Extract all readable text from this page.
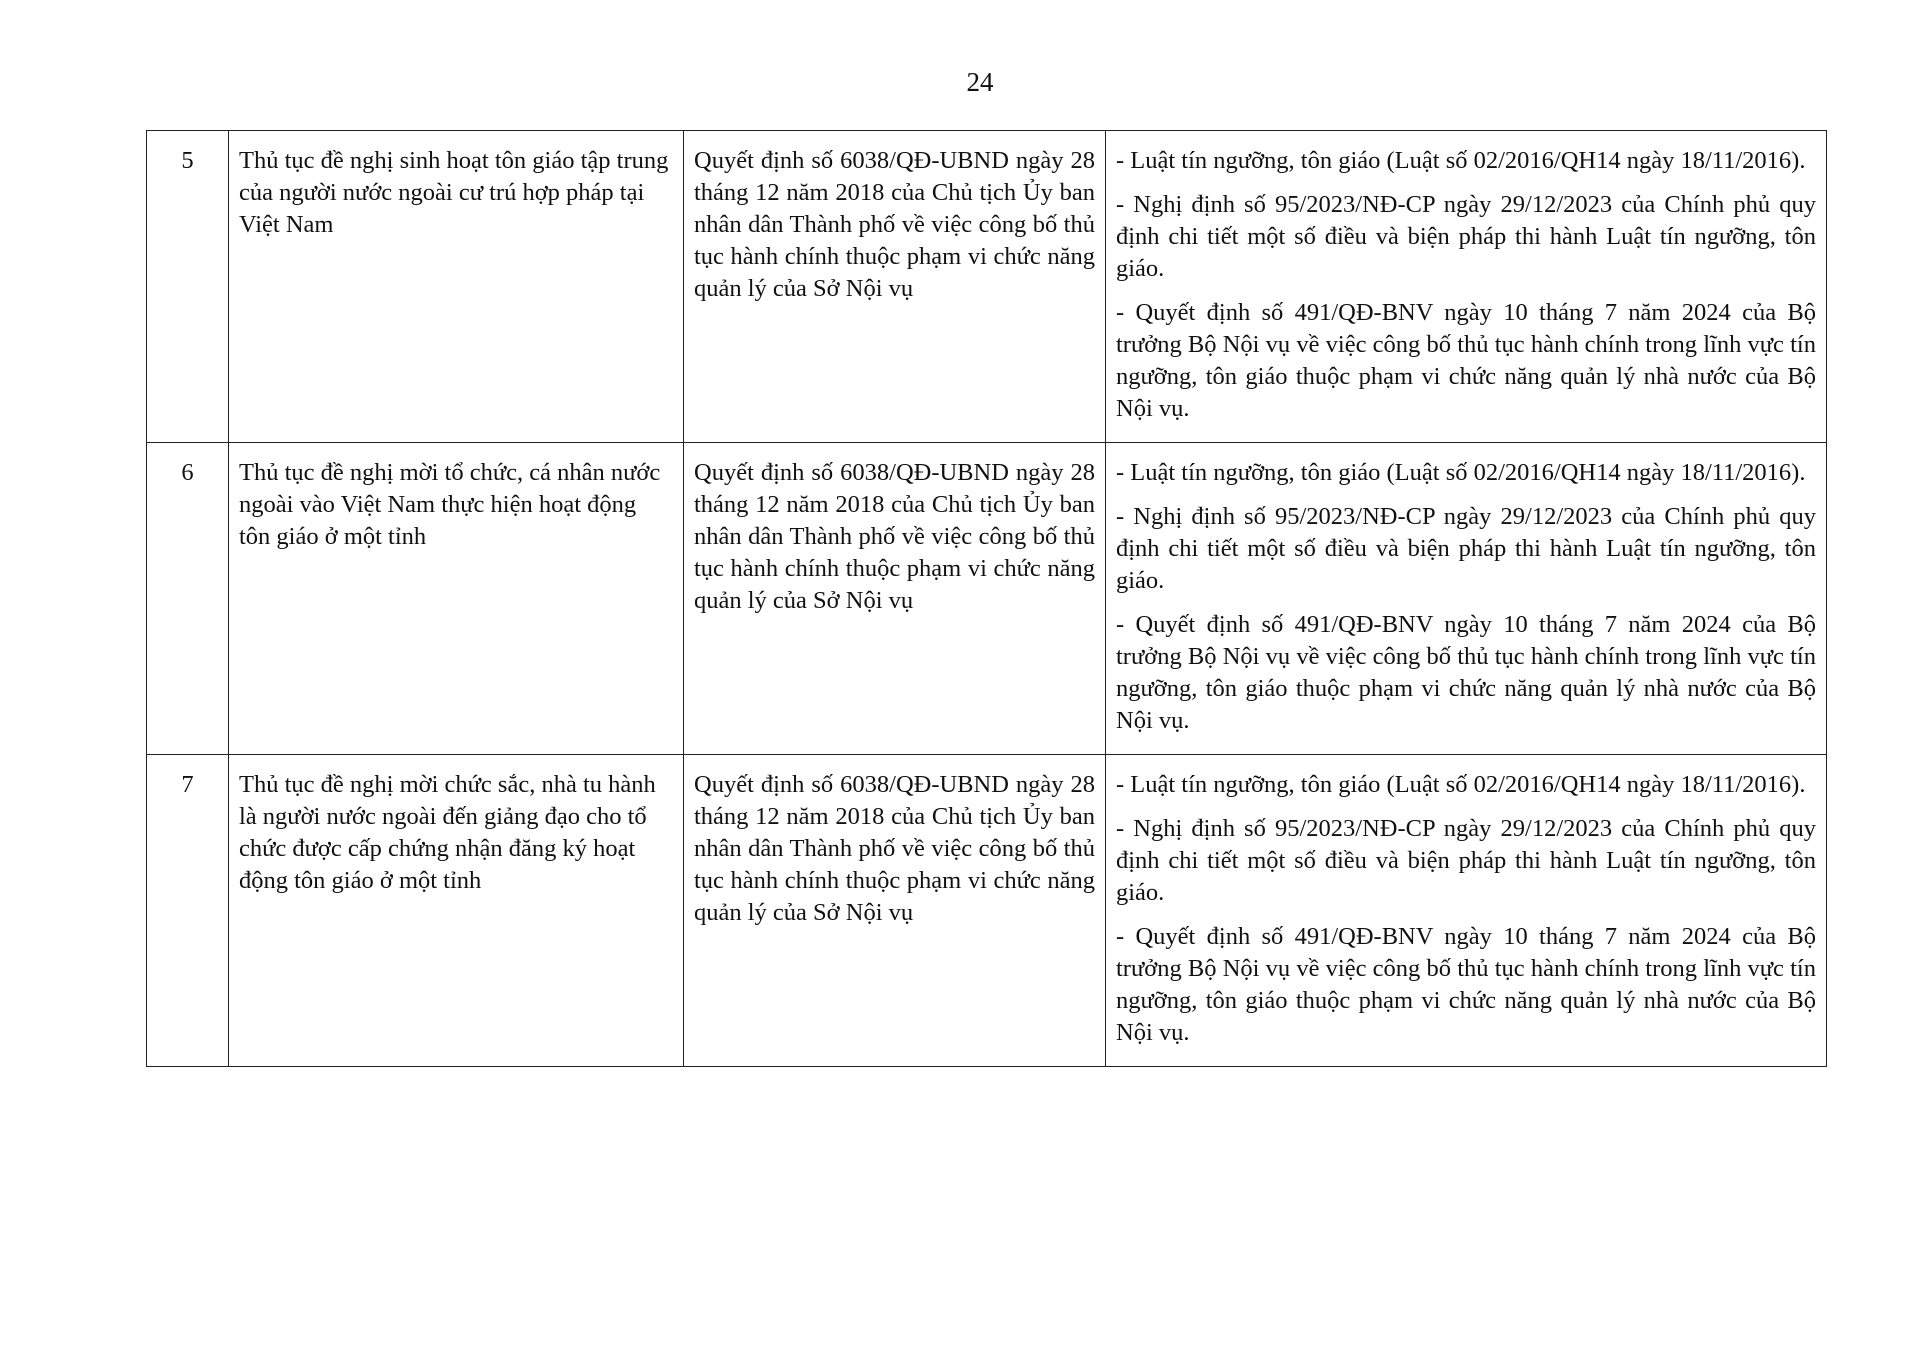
24
5	Thủ tục đề nghị sinh hoạt tôn giáo tập trung của người nước ngoài cư trú hợp pháp tại Việt Nam	Quyết định số 6038/QĐ-UBND ngày 28 tháng 12 năm 2018 của Chủ tịch Ủy ban nhân dân Thành phố về việc công bố thủ tục hành chính thuộc phạm vi chức năng quản lý của Sở Nội vụ	- Luật tín ngưỡng, tôn giáo (Luật số 02/2016/QH14 ngày 18/11/2016).
- Nghị định số 95/2023/NĐ-CP ngày 29/12/2023 của Chính phủ quy định chi tiết một số điều và biện pháp thi hành Luật tín ngưỡng, tôn giáo.
- Quyết định số 491/QĐ-BNV ngày 10 tháng 7 năm 2024 của Bộ trưởng Bộ Nội vụ về việc công bố thủ tục hành chính trong lĩnh vực tín ngưỡng, tôn giáo thuộc phạm vi chức năng quản lý nhà nước của Bộ Nội vụ.

6	Thủ tục đề nghị mời tổ chức, cá nhân nước ngoài vào Việt Nam thực hiện hoạt động tôn giáo ở một tỉnh	Quyết định số 6038/QĐ-UBND ngày 28 tháng 12 năm 2018 của Chủ tịch Ủy ban nhân dân Thành phố về việc công bố thủ tục hành chính thuộc phạm vi chức năng quản lý của Sở Nội vụ	- Luật tín ngưỡng, tôn giáo (Luật số 02/2016/QH14 ngày 18/11/2016).
- Nghị định số 95/2023/NĐ-CP ngày 29/12/2023 của Chính phủ quy định chi tiết một số điều và biện pháp thi hành Luật tín ngưỡng, tôn giáo.
- Quyết định số 491/QĐ-BNV ngày 10 tháng 7 năm 2024 của Bộ trưởng Bộ Nội vụ về việc công bố thủ tục hành chính trong lĩnh vực tín ngưỡng, tôn giáo thuộc phạm vi chức năng quản lý nhà nước của Bộ Nội vụ.

7	Thủ tục đề nghị mời chức sắc, nhà tu hành là người nước ngoài đến giảng đạo cho tổ chức được cấp chứng nhận đăng ký hoạt động tôn giáo ở một tỉnh	Quyết định số 6038/QĐ-UBND ngày 28 tháng 12 năm 2018 của Chủ tịch Ủy ban nhân dân Thành phố về việc công bố thủ tục hành chính thuộc phạm vi chức năng quản lý của Sở Nội vụ	- Luật tín ngưỡng, tôn giáo (Luật số 02/2016/QH14 ngày 18/11/2016).
- Nghị định số 95/2023/NĐ-CP ngày 29/12/2023 của Chính phủ quy định chi tiết một số điều và biện pháp thi hành Luật tín ngưỡng, tôn giáo.
- Quyết định số 491/QĐ-BNV ngày 10 tháng 7 năm 2024 của Bộ trưởng Bộ Nội vụ về việc công bố thủ tục hành chính trong lĩnh vực tín ngưỡng, tôn giáo thuộc phạm vi chức năng quản lý nhà nước của Bộ Nội vụ.
